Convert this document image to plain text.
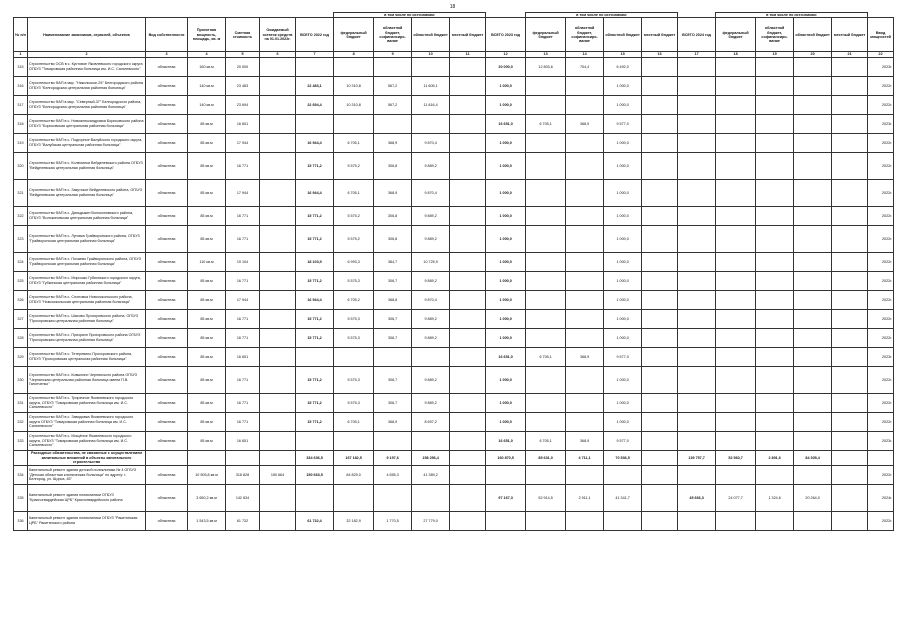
18
							в том числе по источникам:					в том числе по источникам:					в том числе по источникам:				
№ п/п	Наименование заказчиков, отраслей, объектов	Вид собственности	Проектная мощность, площадь, кв. м	Сметная стоимость	Ожидаемый остаток средств на 01.01.2022г.	ВСЕГО 2022 год	федеральный бюджет	областной бюджет, софинансиро-вание	областной бюджет	местный бюджет	ВСЕГО 2023 год	федеральный бюджет	областной бюджет, софинансиро-вание	областной бюджет	местный бюджет	ВСЕГО 2024 год	федеральный бюджет	областной бюджет, софинансиро-вание	областной бюджет	местный бюджет	Ввод мощностей
1	2	3	4	5	6	7	8	9	10	11	12	13	14	15	16	17	18	19	20	21	22
315	Строительство ОСВ в с. Кустовое Яковлевского городского округа ОГБУЗ "Томаровская районная больница им. И.С. Сальтевского"	областная	160 кв.м	20 000							20 000,0	12 803,6	704,4	6 492,0							2023г.
316	Строительство ФАП в мкр. "Никольское-25" Белгородского района ОГБУЗ "Белгородская центральная районная больница"	областная	140 кв.м	23 483		22 483,1	10 310,8	567,2	11 605,1		1 000,0			1 000,0							2022г.
317	Строительство ФАП в мкр. "Северный-37" Белгородского района, ОГБУЗ "Белгородская центральная районная больница"	областная	140 кв.м	23 694		22 694,4	10 310,8	567,2	11 816,4		1 000,0			1 000,0							2022г.
318	Строительство ФАП в с. Новоалександровка Борисовского района ОГБУЗ "Борисовская центральная районная больница"	областная	85 кв.м	16 651							16 651,0	6 705,1	368,9	9 577,0							2023г.
319	Строительство ФАП в с. Подгорное Валуйского городского округа, ОГБУЗ "Валуйская центральная районная больница"	областная	85 кв.м	17 944		16 944,4	6 705,1	368,9	9 870,4		1 000,0			1 000,0							2022г.
320	Строительство ФАП в с. Колюхинки Вейделевского района ОГБУЗ "Вейделевская центральная районная больница"	областная	85 кв.м	16 771		15 771,2	5 575,2	306,8	9 889,2		1 000,0			1 000,0							2022г.
321	Строительство ФАП в с. Закутское Вейделевского района, ОГБУЗ "Вейделевская центральная районная больница"	областная	85 кв.м	17 944		16 944,4	6 705,1	368,9	9 870,4		1 000,0			1 000,0							2022г.
322	Строительство ФАП в с. Даньдыкин Волоконовского района, ОГБУЗ "Волоконовская центральная районная больница"	областная	85 кв.м	16 771		15 771,2	5 575,2	306,8	9 889,2		1 000,0			1 000,0							2022г.
323	Строительство ФАП в с. Луговка Грайворонского района, ОГБУЗ "Грайворонская центральная районная больница"	областная	85 кв.м	16 771		15 771,2	5 575,2	306,8	9 889,2		1 000,0			1 000,0							2022г.
324	Строительство ФАП в с. Почаево Грайворонского района, ОГБУЗ "Грайворонская центральная районная больница"	областная	110 кв.м	19 104		18 103,9	6 993,3	384,7	10 725,9		1 000,0			1 000,0							2022г.
325	Строительство ФАП в с. Мирошко Губкинского городского округа, ОГБУЗ "Губкинская центральная районная больница"	областная	85 кв.м	16 771		15 771,2	5 575,3	306,7	9 889,2		1 000,0			1 000,0							2022г.
326	Строительство ФАП в с. Слоновка Новооскольского района, ОГБУЗ "Новооскольская центральная районная больница"	областная	85 кв.м	17 944		16 944,4	6 705,2	368,8	9 870,4		1 000,0			1 000,0							2022г.
327	Строительство ФАП в с. Шахово Прохоровского района, ОГБУЗ "Прохоровская центральная районная больница"	областная	85 кв.м	16 771		15 771,2	5 575,3	306,7	9 889,2		1 000,0			1 000,0							2022г.
328	Строительство ФАП в с. Призрачн Прохоровского района ОГБУЗ "Прохоровская центральная районная больница"	областная	85 кв.м	16 771		15 771,2	5 575,3	306,7	9 889,2		1 000,0			1 000,0							2022г.
329	Строительство ФАП в с. Тетеревино Прохоровского района, ОГБУЗ "Прохоровская центральная районная больница"	областная	85 кв.м	16 651							16 651,0	6 705,1	368,9	9 577,0							2023г.
330	Строительство ФАП в с. Ковылино Чернянского района ОГБУЗ "Чернянская центральная районная больница имени П.В. Гапотченко"	областная	85 кв.м	16 771		15 771,2	5 575,3	306,7	9 889,2		1 000,0			1 000,0							2022г.
331	Строительство ФАП в с. Триречное Яковлевского городского округа, ОГБУЗ "Томаровская районная больница им. И.С. Сальтевского"	областная	85 кв.м	16 771		15 771,2	5 575,3	306,7	9 889,2		1 000,0			1 000,0							2022г.
332	Строительство ФАП в с. Завидовка Яковлевского городского округа ОГБУЗ "Томаровская районная больница им. И.С. Сальтевского"	областная	85 кв.м	16 771		15 771,2	6 705,1	368,9	8 697,2		1 000,0			1 000,0							2022г.
333	Строительство ФАП в с. Мощёное Яковлевского городского округа, ОГБУЗ "Томаровская районная больница им. И.С. Сальтевского"	областная	85 кв.м	16 651							16 651,0	6 705,1	368,9	9 577,0							2023г.
	Расходные обязательства, не связанные с осуществлением капитальных вложений в объекты капитального строительства					334 636,5	167 182,5	9 197,6	158 256,4		160 870,5	85 631,0	4 711,1	70 536,5		139 757,7	52 560,7	2 891,6	84 305,4		
334	Капитальный ремонт здания детской поликлиники № 4 ОГБУЗ "Детская областная клиническая больница" по адресу: г. Белгород, ул. Щорса, 45"	областная	10 905,8 кв.м	316 828	150 664	150 663,5	84 829,0	4 655,3	41 389,2												2022г.
335	Капитальный ремонт здания поликлиники ОГБУЗ "Красногвардейская ЦРБ" Красногвардейского района	областная	3 650,2 кв.м	142 834							97 167,3	52 914,5	2 911,1	41 341,7		45 666,3	24 077,7	1 324,6	20 264,0		2024г.
336	Капитальный ремонт здания поликлиники ОГБУЗ "Ракитянская ЦРБ" Ракитянского района	областная	1 543,5 кв.м	61 732		61 732,4	32 182,9	1 770,5	27 779,0												2022г.
